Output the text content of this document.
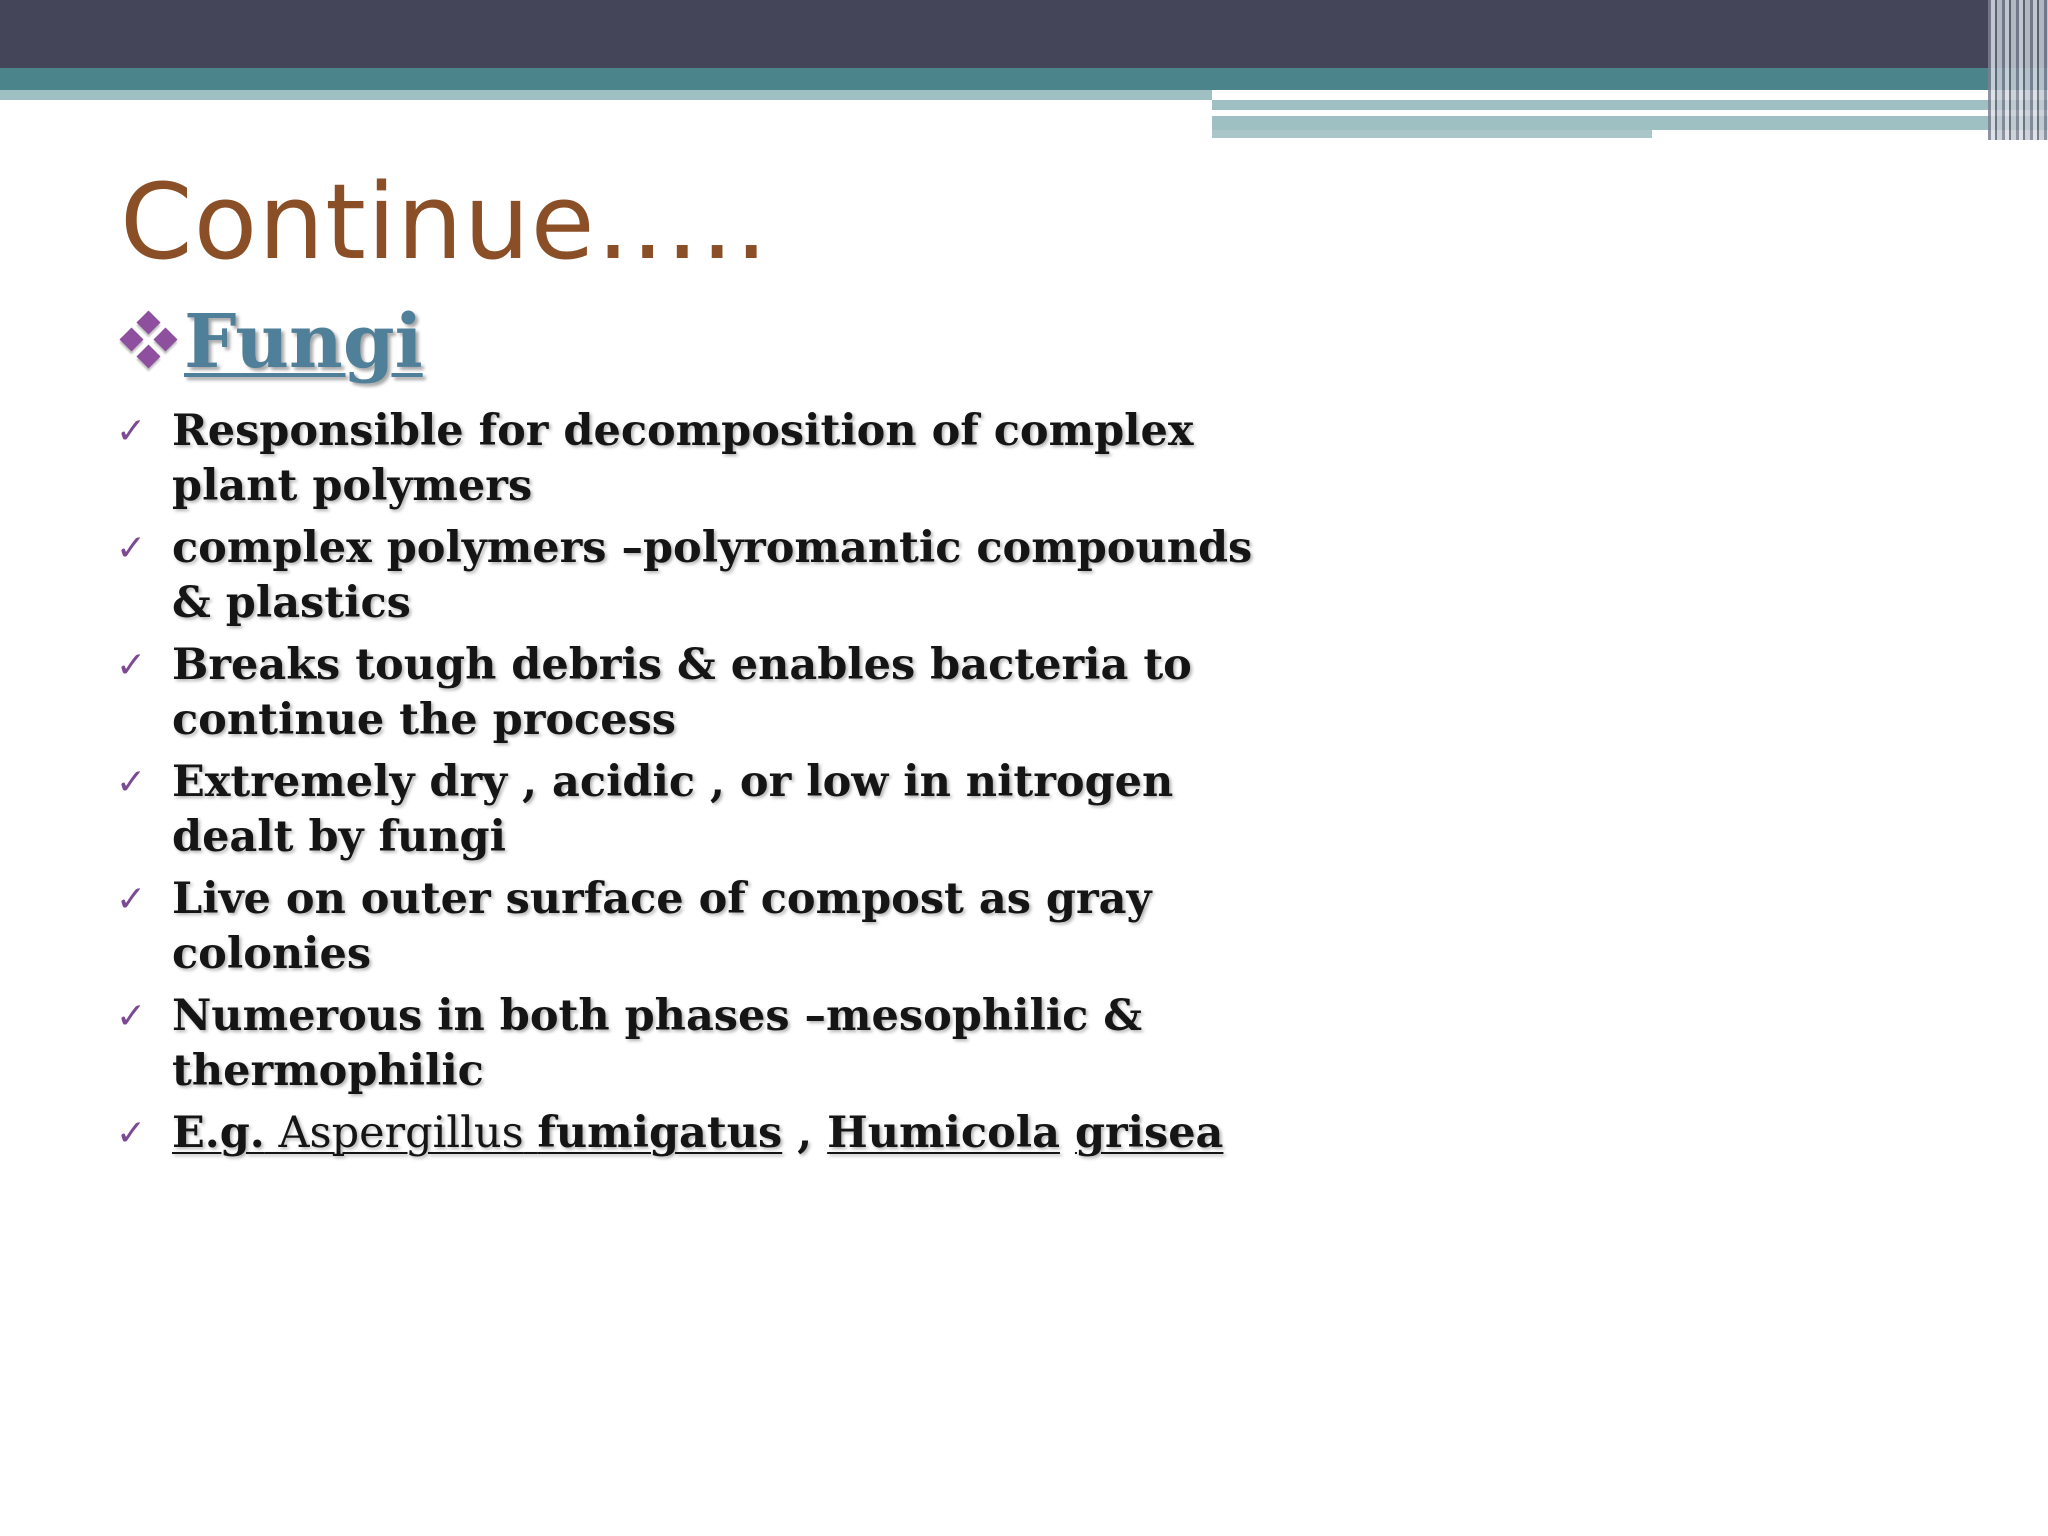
Continue…..
Fungi
✓ Responsible for decomposition of complex
plant polymers
✓ complex polymers –polyromantic compounds
& plastics
✓ Breaks tough debris & enables bacteria to
continue the process
✓ Extremely dry , acidic , or low in nitrogen
dealt by fungi
✓ Live on outer surface of compost as gray
colonies
✓ Numerous in both phases –mesophilic &
thermophilic
✓ E.g. Aspergillus fumigatus , Humicola grisea
